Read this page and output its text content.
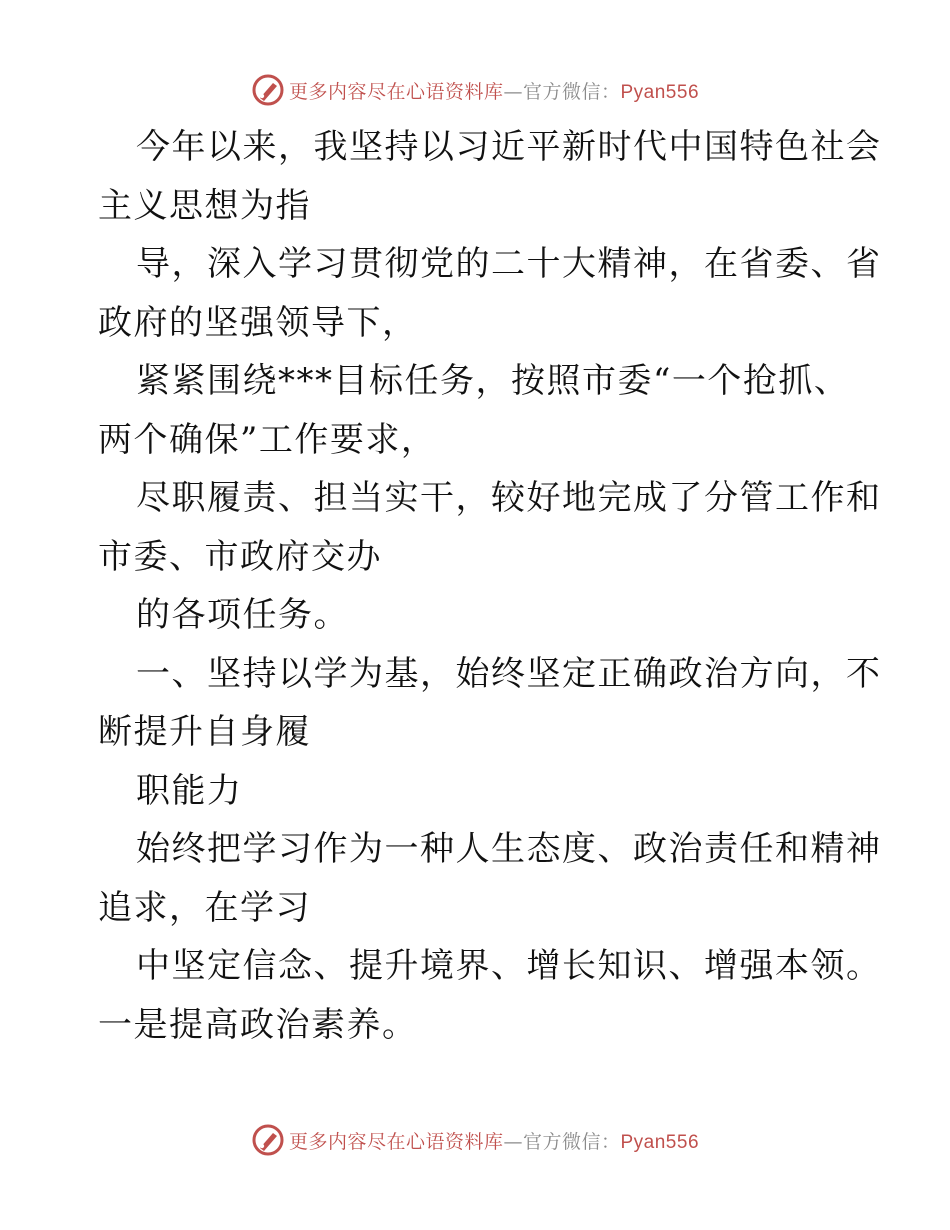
更多内容尽在心语资料库—官方微信：Pyan556
今年以来，我坚持以习近平新时代中国特色社会
主义思想为指
导，深入学习贯彻党的二十大精神，在省委、省
政府的坚强领导下，
紧紧围绕***目标任务，按照市委“一个抢抓、
两个确保”工作要求，
尽职履责、担当实干，较好地完成了分管工作和
市委、市政府交办
的各项任务。
一、坚持以学为基，始终坚定正确政治方向，不
断提升自身履
职能力
始终把学习作为一种人生态度、政治责任和精神
追求，在学习
中坚定信念、提升境界、增长知识、增强本领。
一是提高政治素养。
更多内容尽在心语资料库—官方微信：Pyan556
